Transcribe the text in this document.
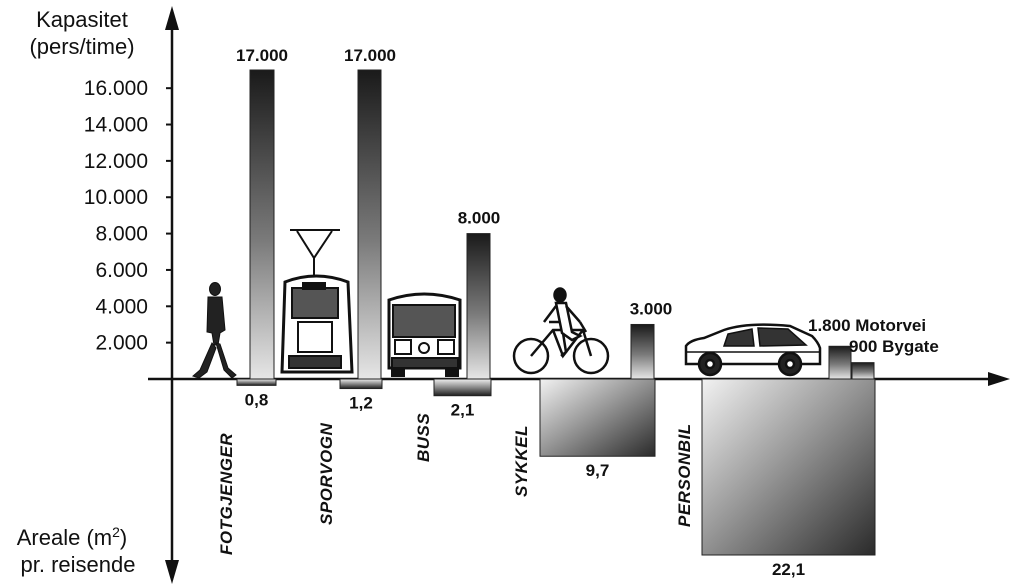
Kapasitet
(pers/time)
Areale $(m^2)$
pr. reisende
16.000
14.000
12.000
10.000
8.000
6.000
4.000
2.000
17.000	17.000
8.000
3.000
1.800 Motorvei
900 Bygate
0,8	1,2	2,1
9,7
22,1
FOTGJENGER	SPORVOGN	BUSS	SYKKEL	PERSONBIL
